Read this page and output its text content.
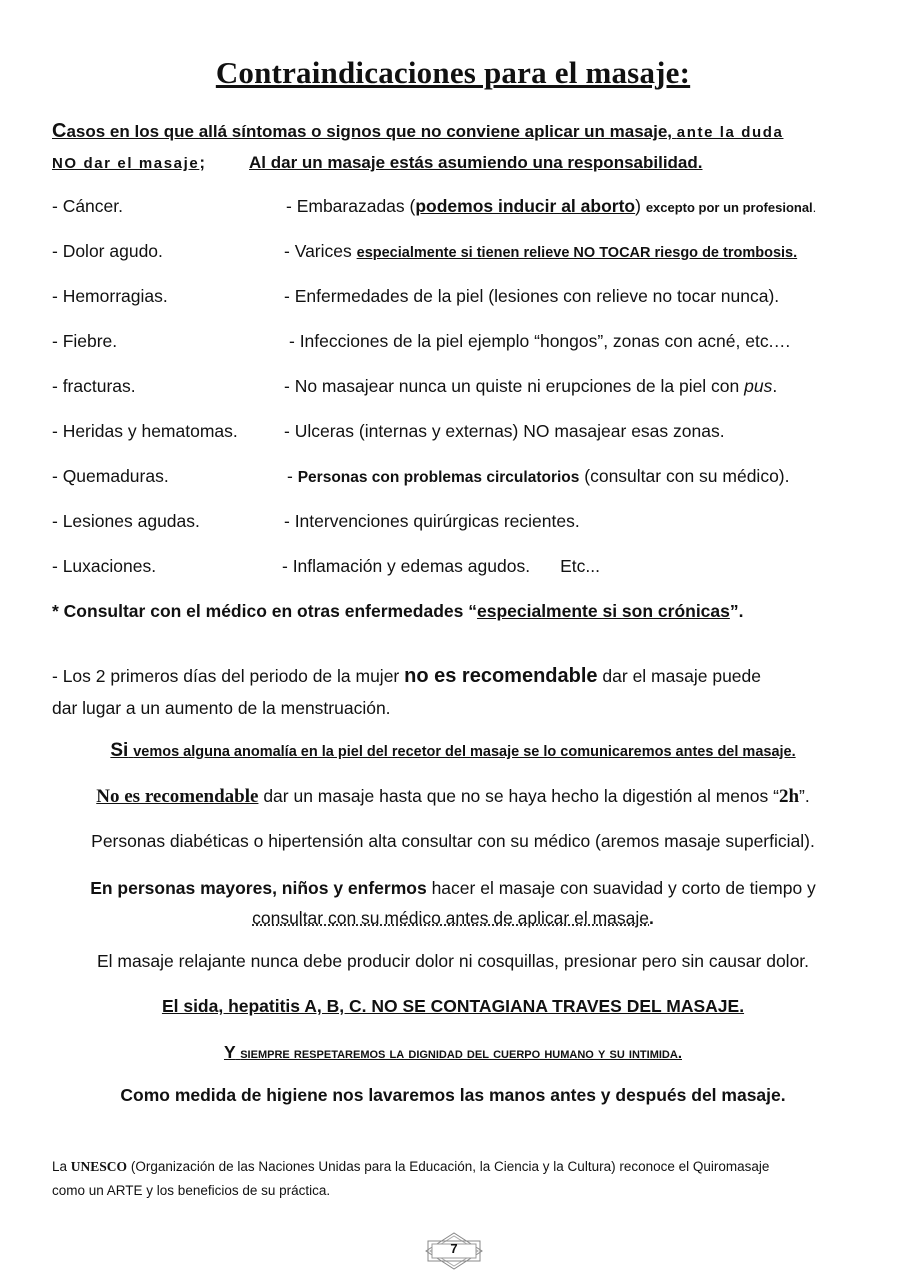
Contraindicaciones para el masaje:
Casos en los que allá síntomas o signos que no conviene aplicar un masaje, ante la duda
NO dar el masaje;	Al dar un masaje estás asumiendo una responsabilidad.
- Cáncer.	- Embarazadas (podemos inducir al aborto) excepto por un profesional.
- Dolor agudo.	- Varices especialmente si tienen relieve NO TOCAR riesgo de trombosis.
- Hemorragias.	- Enfermedades de la piel (lesiones con relieve no tocar nunca).
- Fiebre.	- Infecciones de la piel ejemplo “hongos”, zonas con acné, etc.…
- fracturas.	- No masajear nunca un quiste ni erupciones de la piel con pus.
- Heridas y hematomas.	- Ulceras (internas y externas) NO masajear esas zonas.
- Quemaduras.	- Personas con problemas circulatorios (consultar con su médico).
- Lesiones agudas.	- Intervenciones quirúrgicas recientes.
- Luxaciones.	- Inflamación y edemas agudos. Etc...
* Consultar con el médico en otras enfermedades “especialmente si son crónicas”.
- Los 2 primeros días del periodo de la mujer no es recomendable dar el masaje puede
dar lugar a un aumento de la menstruación.
Si vemos alguna anomalía en la piel del recetor del masaje se lo comunicaremos antes del masaje.
No es recomendable dar un masaje hasta que no se haya hecho la digestión al menos “2h”.
Personas diabéticas o hipertensión alta consultar con su médico (aremos masaje superficial).
En personas mayores, niños y enfermos hacer el masaje con suavidad y corto de tiempo y
consultar con su médico antes de aplicar el masaje.
El masaje relajante nunca debe producir dolor ni cosquillas, presionar pero sin causar dolor.
El sida, hepatitis A, B, C. NO SE CONTAGIANA TRAVES DEL MASAJE.
Y siempre respetaremos la dignidad del cuerpo humano y su intimida.
Como medida de higiene nos lavaremos las manos antes y después del masaje.
La UNESCO (Organización de las Naciones Unidas para la Educación, la Ciencia y la Cultura) reconoce el Quiromasaje
como un ARTE y los beneficios de su práctica.
7
